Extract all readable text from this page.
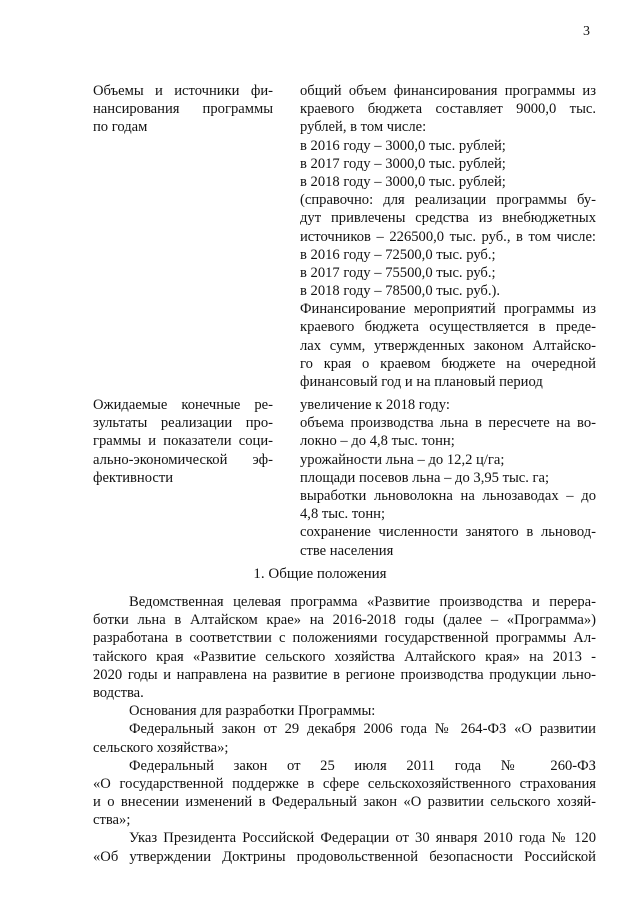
3
Объемы и источники фи-
нансирования программы
по годам
общий объем финансирования программы из
краевого бюджета составляет 9000,0 тыс.
рублей, в том числе:
в 2016 году – 3000,0 тыс. рублей;
в 2017 году – 3000,0 тыс. рублей;
в 2018 году – 3000,0 тыс. рублей;
(справочно: для реализации программы бу-
дут привлечены средства из внебюджетных
источников – 226500,0 тыс. руб., в том числе:
в 2016 году – 72500,0 тыс. руб.;
в 2017 году – 75500,0 тыс. руб.;
в 2018 году – 78500,0 тыс. руб.).
Финансирование мероприятий программы из
краевого бюджета осуществляется в преде-
лах сумм, утвержденных законом Алтайско-
го края о краевом бюджете на очередной
финансовый год и на плановый период
Ожидаемые конечные ре-
зультаты реализации про-
граммы и показатели соци-
ально-экономической эф-
фективности
увеличение к 2018 году:
объема производства льна в пересчете на во-
локно – до 4,8 тыс. тонн;
урожайности льна – до 12,2 ц/га;
площади посевов льна – до 3,95 тыс. га;
выработки льноволокна на льнозаводах – до
4,8 тыс. тонн;
сохранение численности занятого в льновод-
стве населения
1. Общие положения
Ведомственная целевая программа «Развитие производства и перера-
ботки льна в Алтайском крае» на 2016-2018 годы (далее – «Программа»)
разработана в соответствии с положениями государственной программы Ал-
тайского края «Развитие сельского хозяйства Алтайского края» на 2013 -
2020 годы и направлена на развитие в регионе производства продукции льно-
водства.
Основания для разработки Программы:
Федеральный закон от 29 декабря 2006 года № 264-ФЗ «О развитии
сельского хозяйства»;
Федеральный закон от 25 июля 2011 года № 260-ФЗ
«О государственной поддержке в сфере сельскохозяйственного страхования
и о внесении изменений в Федеральный закон «О развитии сельского хозяй-
ства»;
Указ Президента Российской Федерации от 30 января 2010 года № 120
«Об утверждении Доктрины продовольственной безопасности Российской
